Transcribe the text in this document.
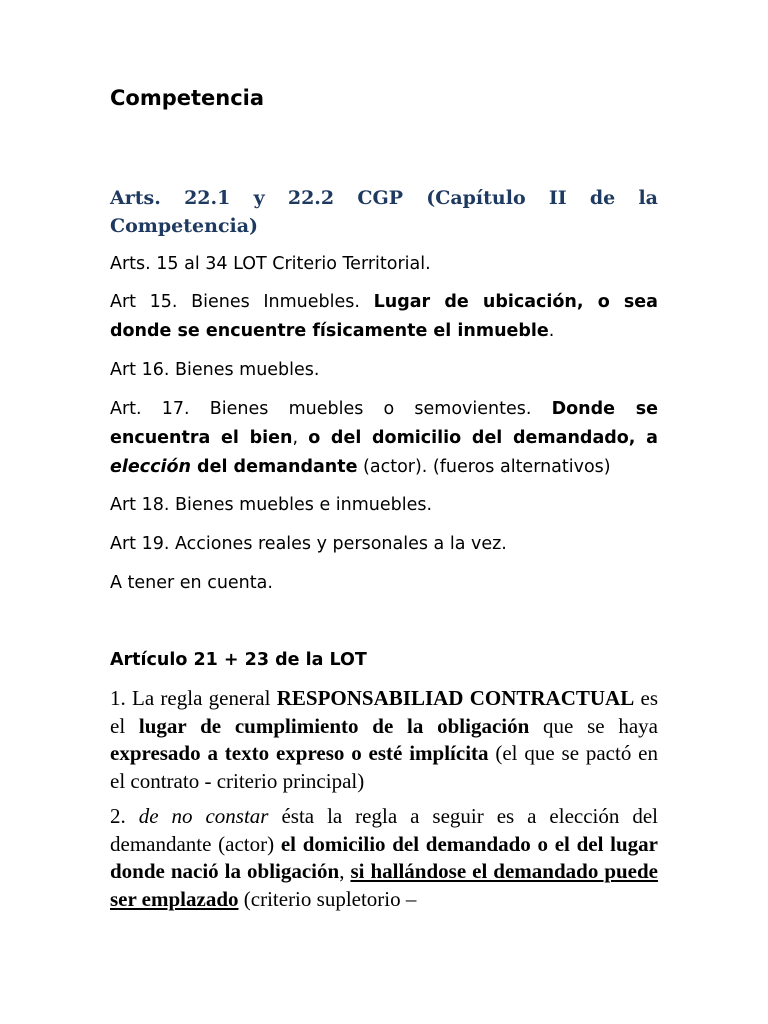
Competencia

Arts. 22.1 y 22.2 CGP (Capítulo II de la Competencia)

Arts. 15 al 34 LOT Criterio Territorial.

Art 15. Bienes Inmuebles. Lugar de ubicación, o sea donde se encuentre físicamente el inmueble.

Art 16. Bienes muebles.

Art. 17. Bienes muebles o semovientes. Donde se encuentra el bien, o del domicilio del demandado, a elección del demandante (actor). (fueros alternativos)

Art 18. Bienes muebles e inmuebles.

Art 19. Acciones reales y personales a la vez.

A tener en cuenta.

Artículo 21 + 23 de la LOT

1. La regla general RESPONSABILIAD CONTRACTUAL es el lugar de cumplimiento de la obligación que se haya expresado a texto expreso o esté implícita (el que se pactó en el contrato - criterio principal)

2. de no constar ésta la regla a seguir es a elección del demandante (actor) el domicilio del demandado o el del lugar donde nació la obligación, si hallándose el demandado puede ser emplazado (criterio supletorio –
